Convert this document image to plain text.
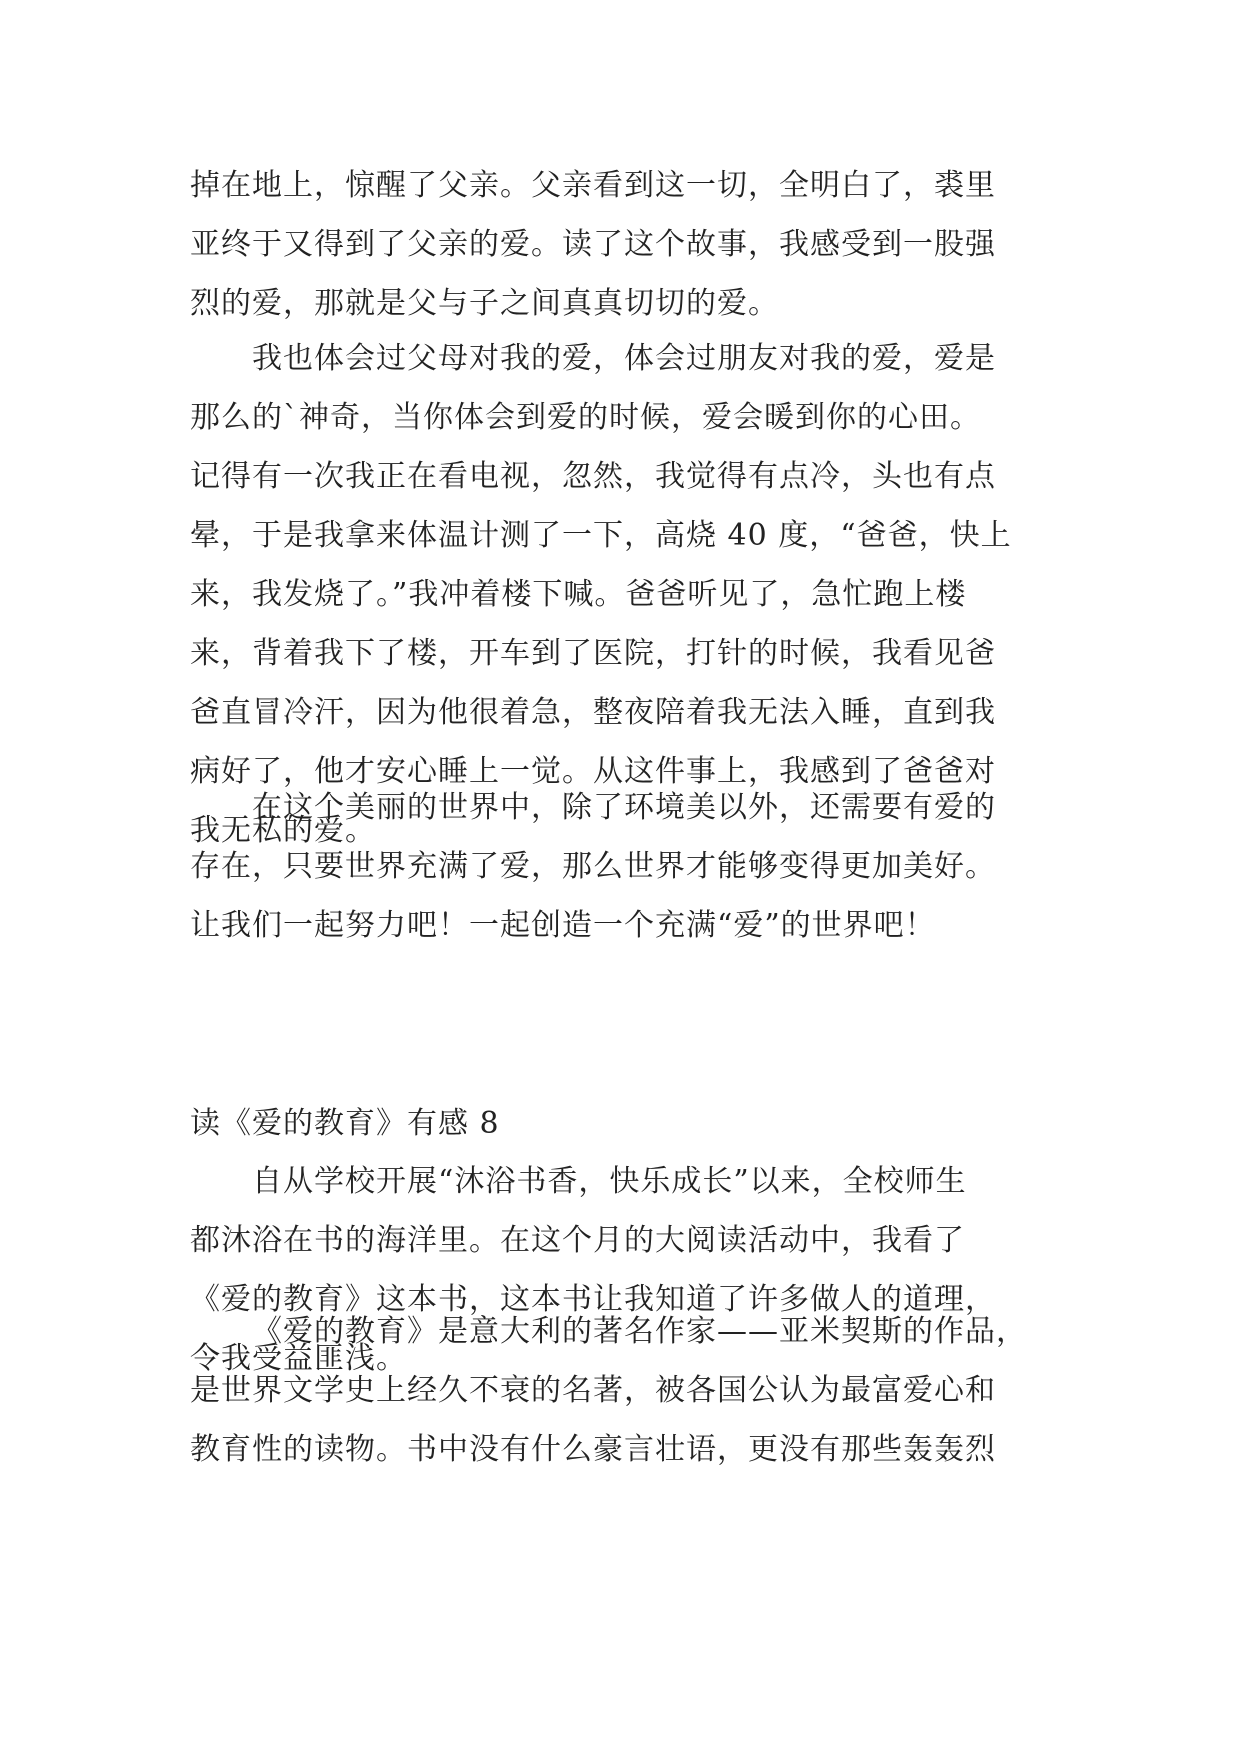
掉在地上，惊醒了父亲。父亲看到这一切，全明白了，裘里
亚终于又得到了父亲的爱。读了这个故事，我感受到一股强
烈的爱，那就是父与子之间真真切切的爱。

我也体会过父母对我的爱，体会过朋友对我的爱，爱是
那么的`神奇，当你体会到爱的时候，爱会暖到你的心田。
记得有一次我正在看电视，忽然，我觉得有点冷，头也有点
晕，于是我拿来体温计测了一下，高烧 40 度，“爸爸，快上
来，我发烧了。”我冲着楼下喊。爸爸听见了，急忙跑上楼
来，背着我下了楼，开车到了医院，打针的时候，我看见爸
爸直冒冷汗，因为他很着急，整夜陪着我无法入睡，直到我
病好了，他才安心睡上一觉。从这件事上，我感到了爸爸对
我无私的爱。

在这个美丽的世界中，除了环境美以外，还需要有爱的
存在，只要世界充满了爱，那么世界才能够变得更加美好。
让我们一起努力吧！一起创造一个充满“爱”的世界吧！

读《爱的教育》有感 8

自从学校开展“沐浴书香，快乐成长”以来，全校师生
都沐浴在书的海洋里。在这个月的大阅读活动中，我看了
《爱的教育》这本书，这本书让我知道了许多做人的道理，
令我受益匪浅。

《爱的教育》是意大利的著名作家——亚米契斯的作品，
是世界文学史上经久不衰的名著，被各国公认为最富爱心和
教育性的读物。书中没有什么豪言壮语，更没有那些轰轰烈
